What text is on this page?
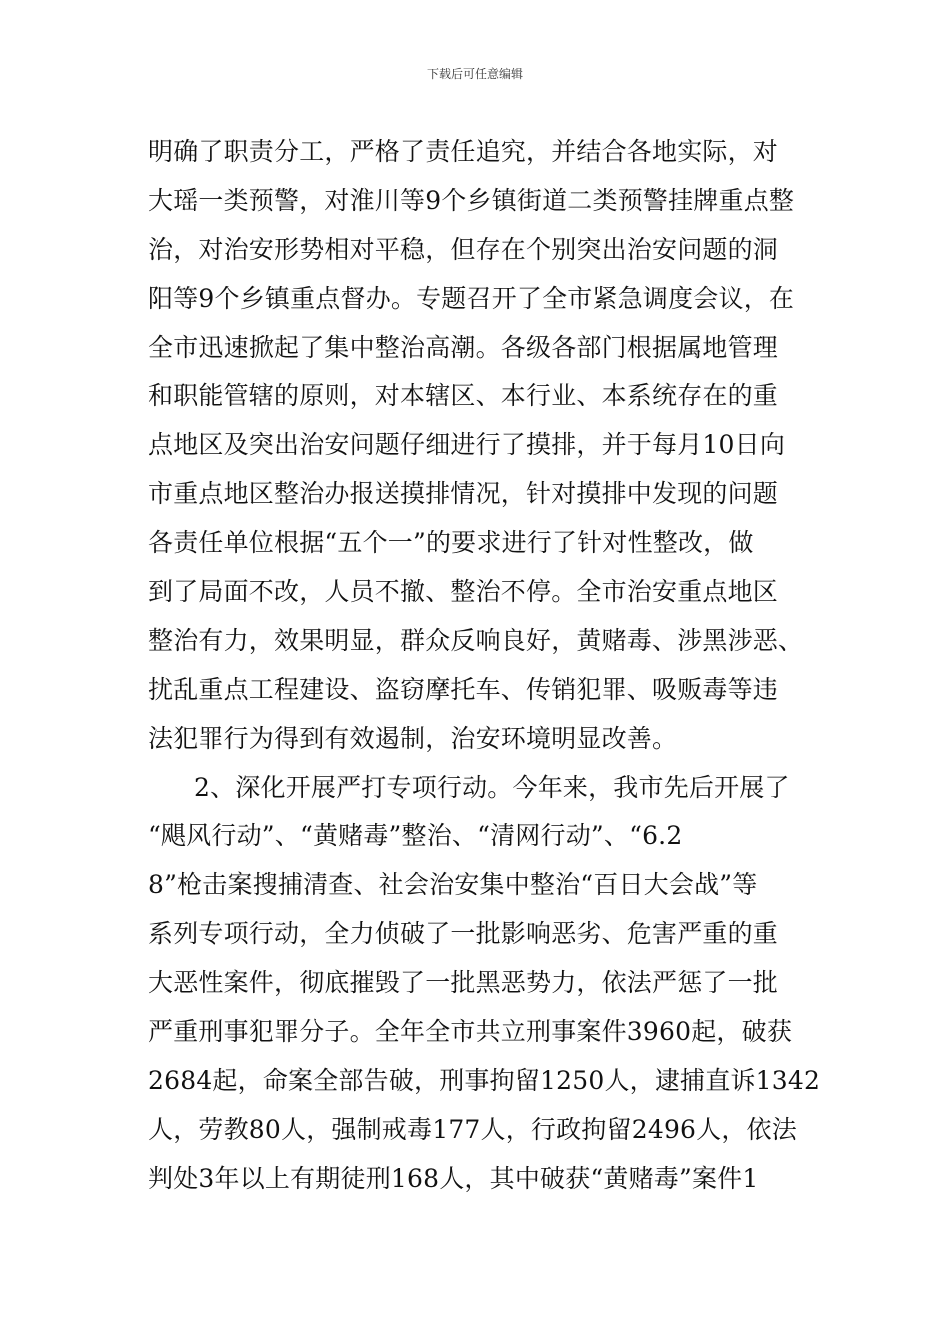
下载后可任意编辑
明确了职责分工，严格了责任追究，并结合各地实际，对
大瑶一类预警，对淮川等9个乡镇街道二类预警挂牌重点整
治，对治安形势相对平稳，但存在个别突出治安问题的洞
阳等9个乡镇重点督办。专题召开了全市紧急调度会议，在
全市迅速掀起了集中整治高潮。各级各部门根据属地管理
和职能管辖的原则，对本辖区、本行业、本系统存在的重
点地区及突出治安问题仔细进行了摸排，并于每月10日向
市重点地区整治办报送摸排情况，针对摸排中发现的问题
各责任单位根据“五个一”的要求进行了针对性整改，做
到了局面不改，人员不撤、整治不停。全市治安重点地区
整治有力，效果明显，群众反响良好，黄赌毒、涉黑涉恶、
扰乱重点工程建设、盗窃摩托车、传销犯罪、吸贩毒等违
法犯罪行为得到有效遏制，治安环境明显改善。
2、深化开展严打专项行动。今年来，我市先后开展了
“飓风行动”、“黄赌毒”整治、“清网行动”、“6.2
8”枪击案搜捕清查、社会治安集中整治“百日大会战”等
系列专项行动，全力侦破了一批影响恶劣、危害严重的重
大恶性案件，彻底摧毁了一批黑恶势力，依法严惩了一批
严重刑事犯罪分子。全年全市共立刑事案件3960起，破获
2684起，命案全部告破，刑事拘留1250人，逮捕直诉1342
人，劳教80人，强制戒毒177人，行政拘留2496人，依法
判处3年以上有期徒刑168人，其中破获“黄赌毒”案件1
